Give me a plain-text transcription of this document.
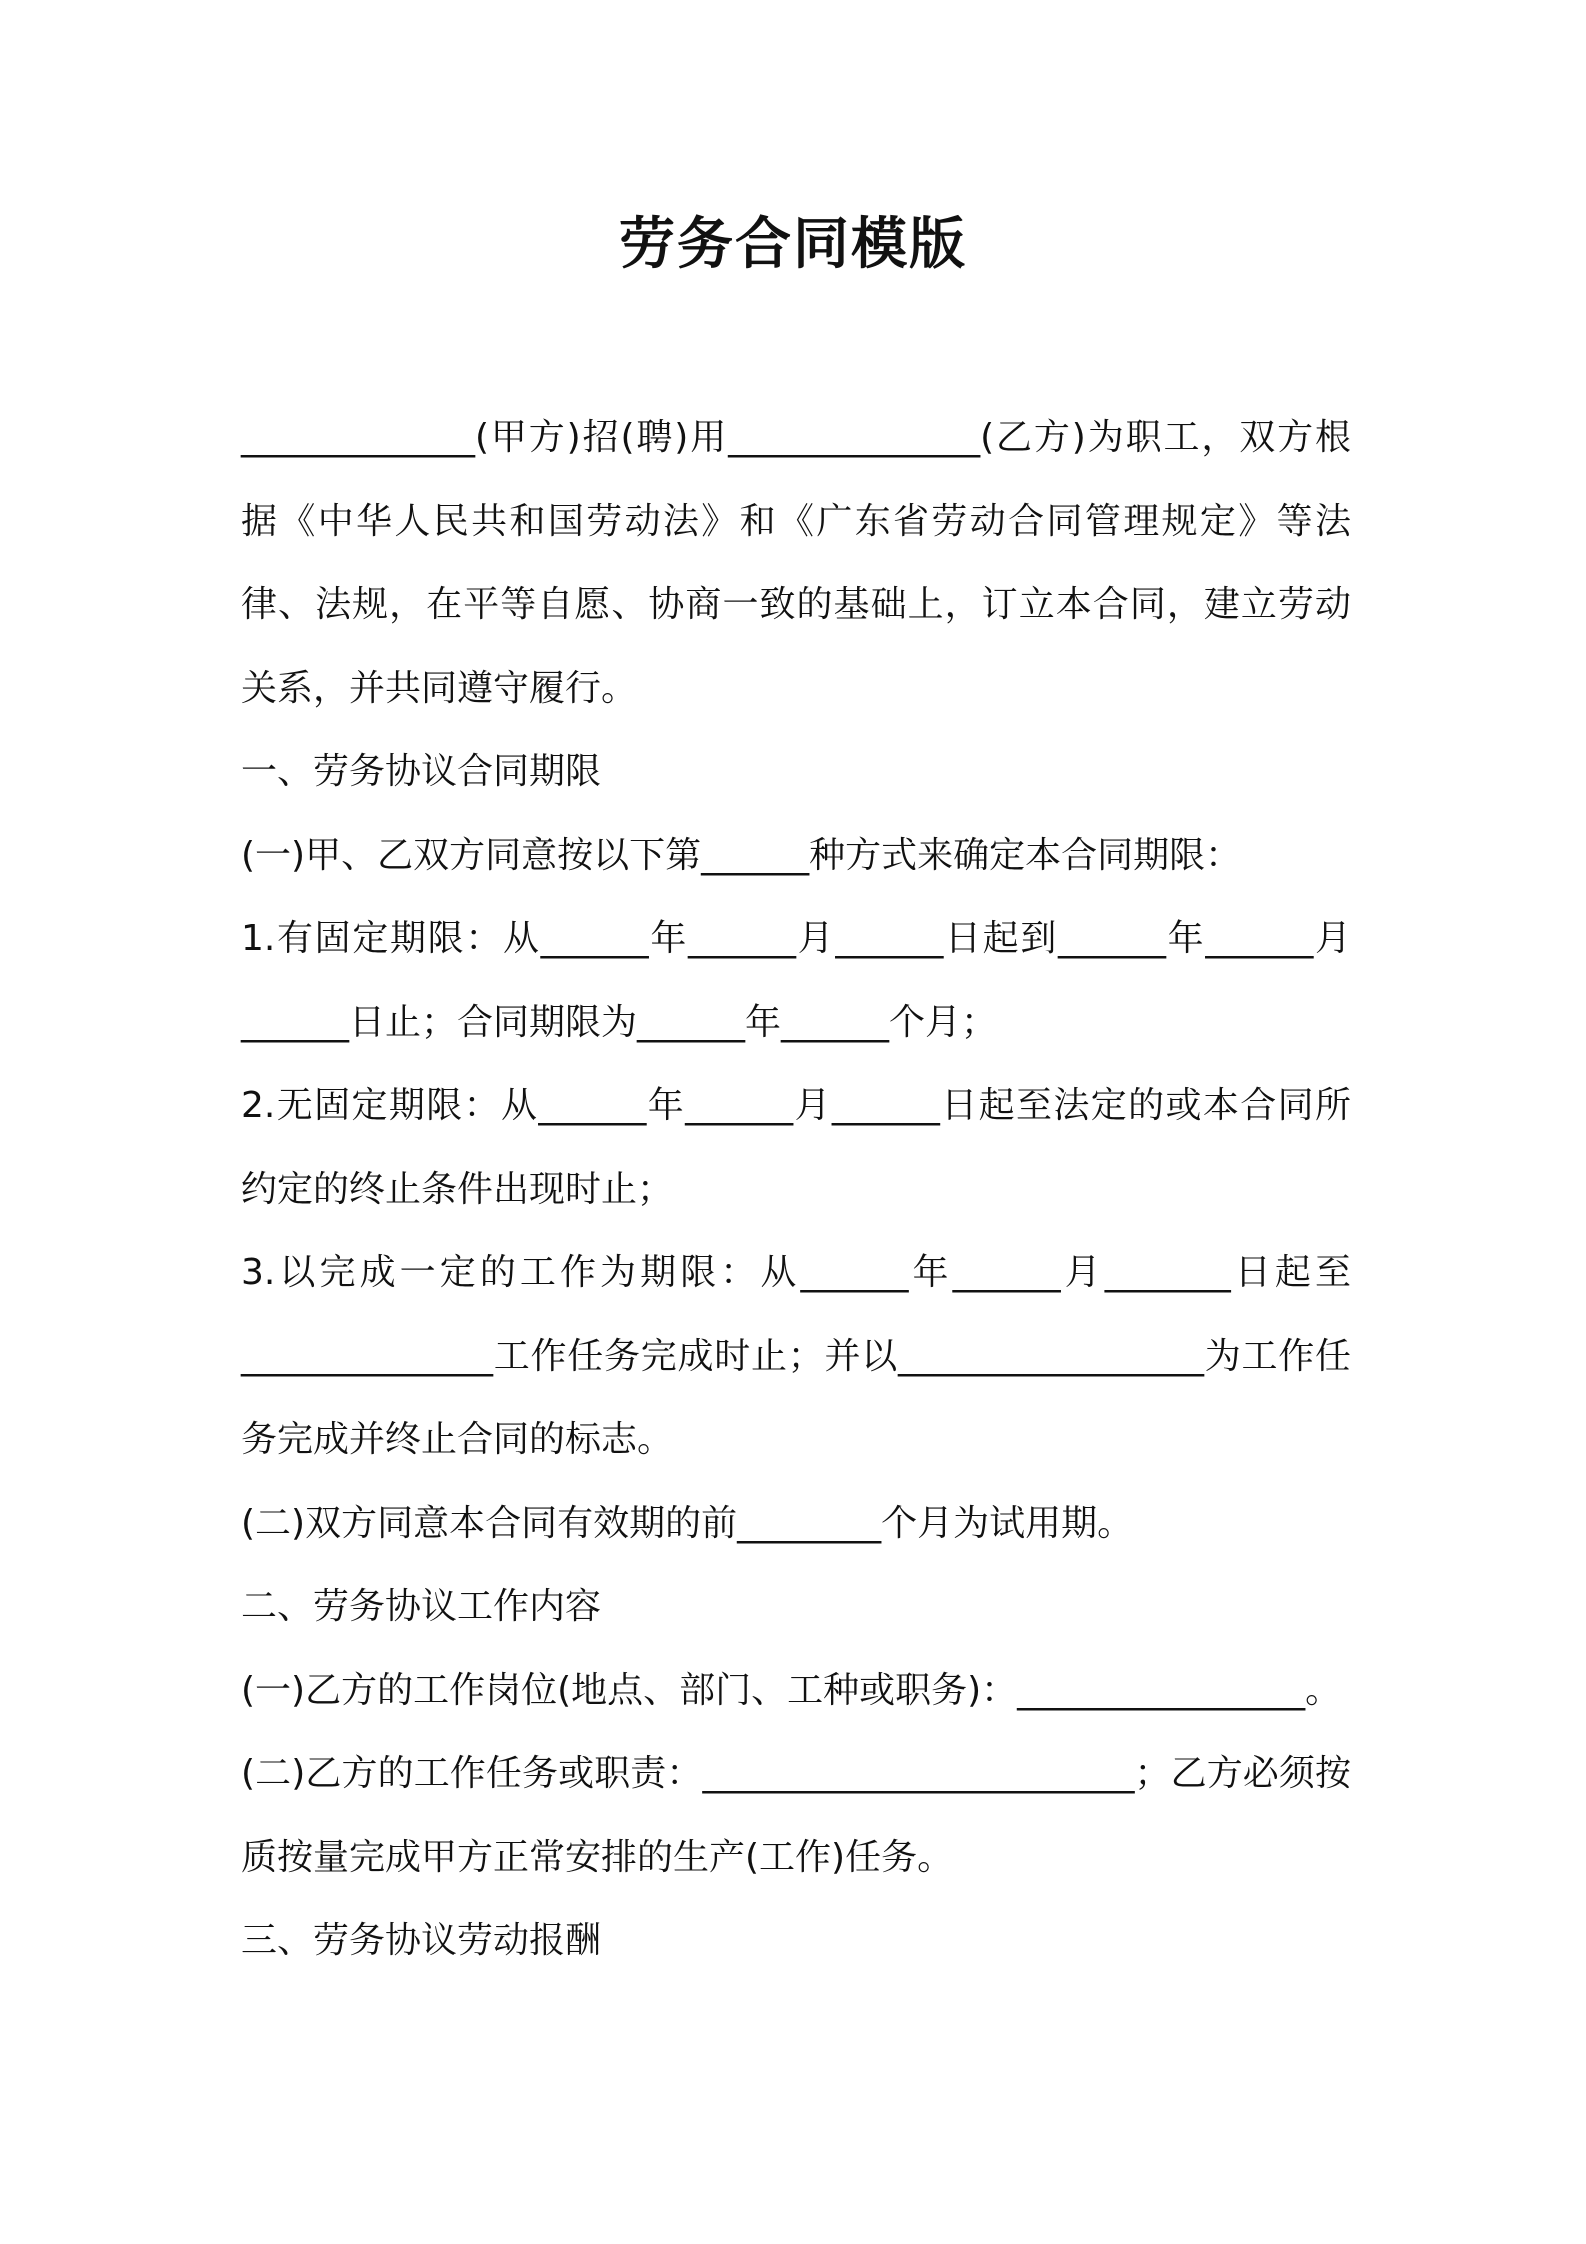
劳务合同模版

_____________(甲方)招(聘)用______________(乙方)为职工，双方根据《中华人民共和国劳动法》和《广东省劳动合同管理规定》等法律、法规，在平等自愿、协商一致的基础上，订立本合同，建立劳动关系，并共同遵守履行。

一、劳务协议合同期限

(一)甲、乙双方同意按以下第______种方式来确定本合同期限：

1.有固定期限：从______年______月______日起到______年______月______日止；合同期限为______年______个月；

2.无固定期限：从______年______月______日起至法定的或本合同所约定的终止条件出现时止；

3.以完成一定的工作为期限：从______年______月_______日起至______________工作任务完成时止；并以_________________为工作任务完成并终止合同的标志。

(二)双方同意本合同有效期的前________个月为试用期。

二、劳务协议工作内容

(一)乙方的工作岗位(地点、部门、工种或职务)：________________。

(二)乙方的工作任务或职责：________________________；乙方必须按质按量完成甲方正常安排的生产(工作)任务。

三、劳务协议劳动报酬
